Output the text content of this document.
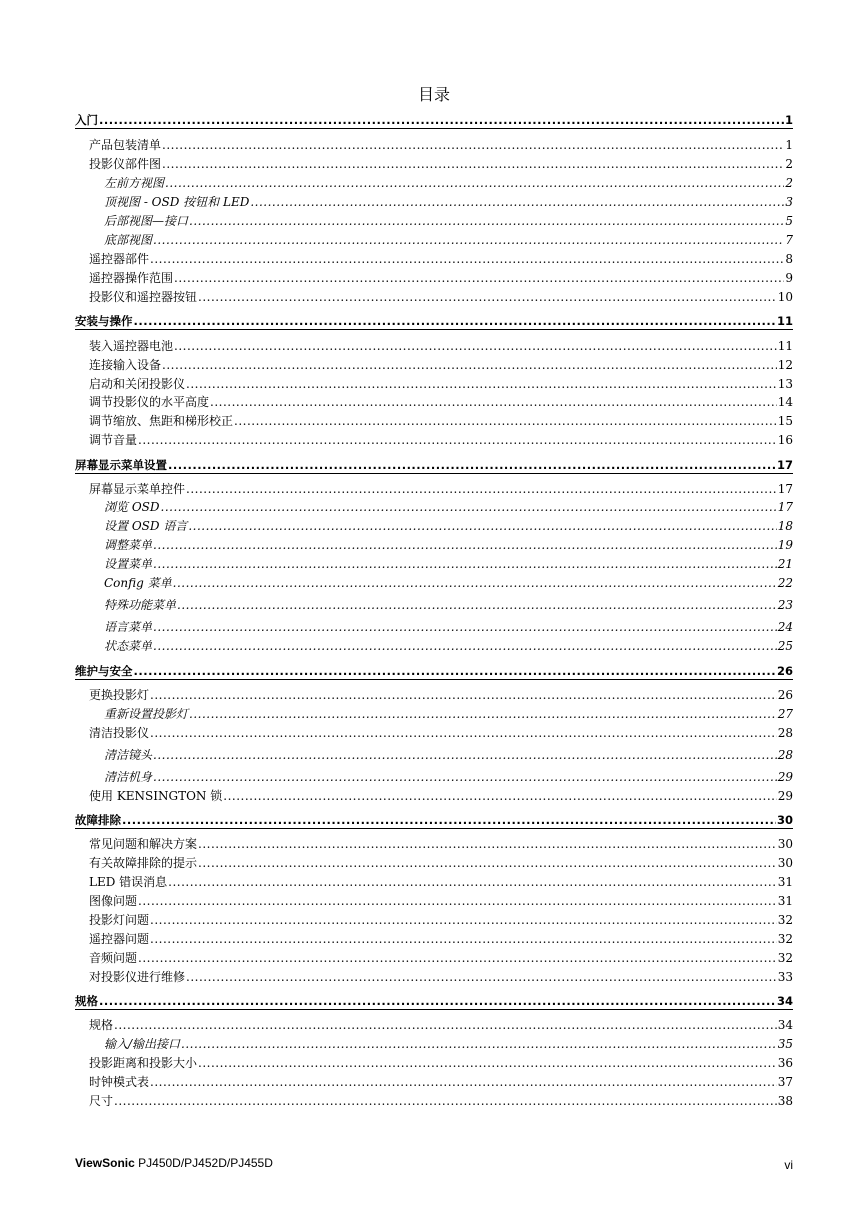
目录
入门 .....	1
产品包装清单 .....	1
投影仪部件图 .....	2
左前方视图 .....	2
顶视图 - OSD 按钮和 LED .....	3
后部视图—接口 .....	5
底部视图 .....	7
遥控器部件 .....	8
遥控器操作范围 .....	9
投影仪和遥控器按钮 .....	10
安装与操作 .....	11
装入遥控器电池 .....	11
连接输入设备 .....	12
启动和关闭投影仪 .....	13
调节投影仪的水平高度 .....	14
调节缩放、焦距和梯形校正 .....	15
调节音量 .....	16
屏幕显示菜单设置 .....	17
屏幕显示菜单控件 .....	17
浏览 OSD .....	17
设置 OSD 语言 .....	18
调整菜单 .....	19
设置菜单 .....	21
Config 菜单 .....	22
特殊功能菜单 .....	23
语言菜单 .....	24
状态菜单 .....	25
维护与安全 .....	26
更换投影灯 .....	26
重新设置投影灯 .....	27
清洁投影仪 .....	28
清洁镜头 .....	28
清洁机身 .....	29
使用 KENSINGTON 锁 .....	29
故障排除 .....	30
常见问题和解决方案 .....	30
有关故障排除的提示 .....	30
LED 错误消息 .....	31
图像问题 .....	31
投影灯问题 .....	32
遥控器问题 .....	32
音频问题 .....	32
对投影仪进行维修 .....	33
规格 .....	34
规格 .....	34
输入/输出接口 .....	35
投影距离和投影大小 .....	36
时钟模式表 .....	37
尺寸 .....	38
ViewSonic PJ450D/PJ452D/PJ455D	vi
